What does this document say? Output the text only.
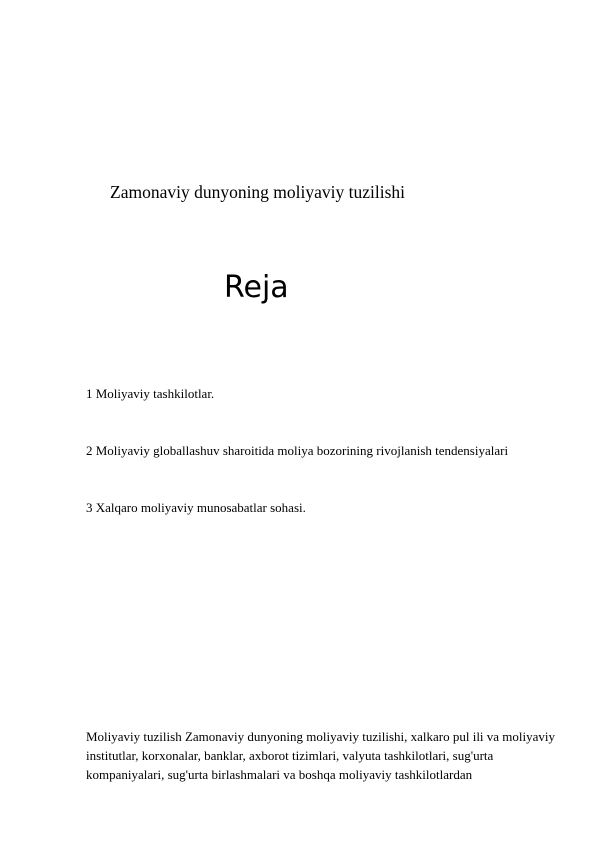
Zamonaviy dunyoning moliyaviy tuzilishi
Reja
1 Moliyaviy tashkilotlar.
2 Moliyaviy globallashuv sharoitida moliya bozorining rivojlanish tendensiyalari
3 Xalqaro moliyaviy munosabatlar sohasi.
Moliyaviy tuzilish Zamonaviy dunyoning moliyaviy tuzilishi, xalkaro pul ili va moliyaviy institutlar, korxonalar, banklar, axborot tizimlari, valyuta tashkilotlari, sug'urta kompaniyalari, sug'urta birlashmalari va boshqa moliyaviy tashkilotlardan
